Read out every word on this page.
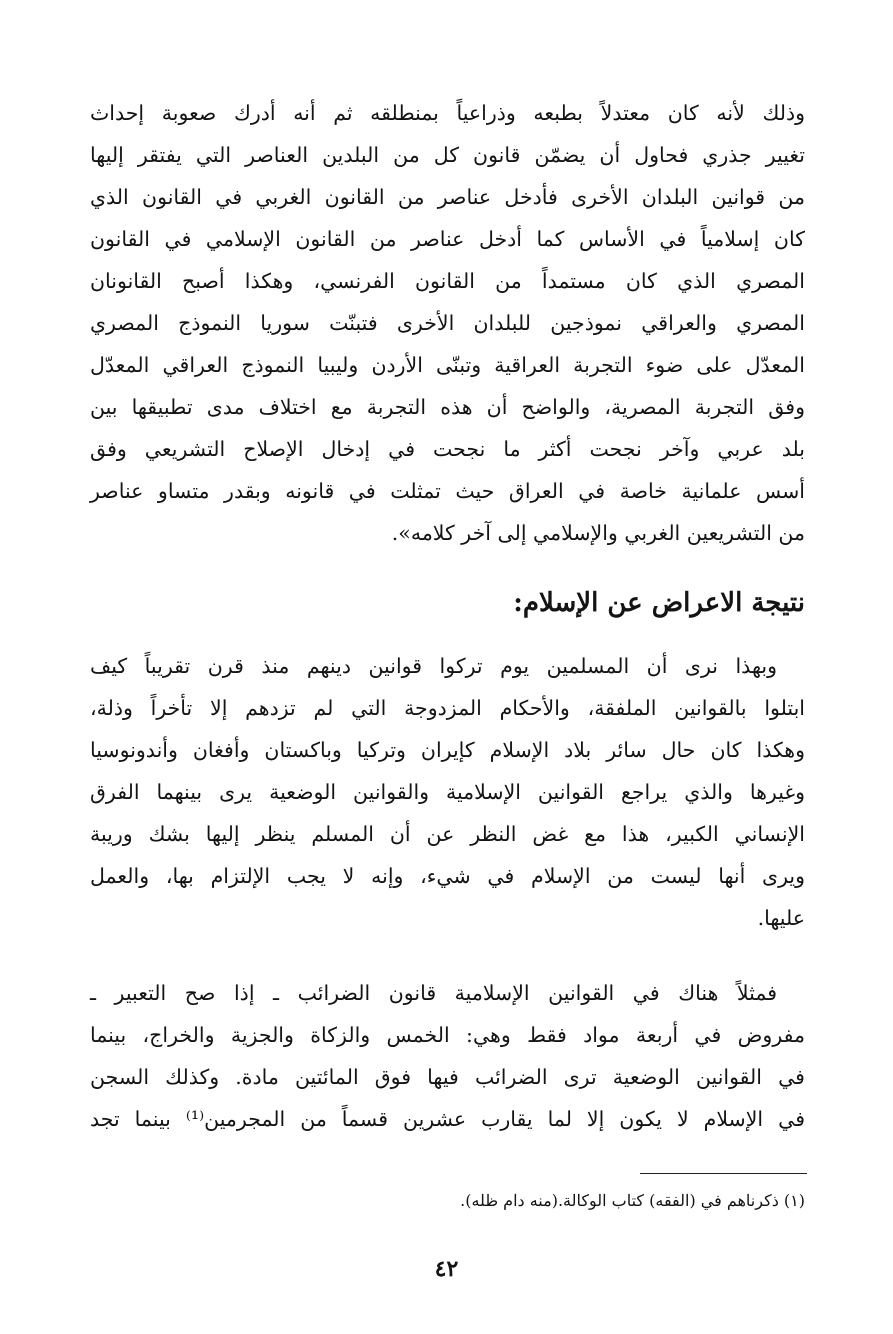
وذلك لأنه كان معتدلاً بطبعه وذراعياً بمنطلقه ثم أنه أدرك صعوبة إحداث
تغيير جذري فحاول أن يضمّن قانون كل من البلدين العناصر التي يفتقر إليها
من قوانين البلدان الأخرى فأدخل عناصر من القانون الغربي في القانون الذي
كان إسلامياً في الأساس كما أدخل عناصر من القانون الإسلامي في القانون
المصري الذي كان مستمداً من القانون الفرنسي، وهكذا أصبح القانونان
المصري والعراقي نموذجين للبلدان الأخرى فتبنّت سوريا النموذج المصري
المعدّل على ضوء التجربة العراقية وتبنّى الأردن وليبيا النموذج العراقي المعدّل
وفق التجربة المصرية، والواضح أن هذه التجربة مع اختلاف مدى تطبيقها بين
بلد عربي وآخر نجحت أكثر ما نجحت في إدخال الإصلاح التشريعي وفق
أسس علمانية خاصة في العراق حيث تمثلت في قانونه وبقدر متساو عناصر
من التشريعين الغربي والإسلامي إلى آخر كلامه».
نتيجة الاعراض عن الإسلام:
وبهذا نرى أن المسلمين يوم تركوا قوانين دينهم منذ قرن تقريباً كيف
ابتلوا بالقوانين الملفقة، والأحكام المزدوجة التي لم تزدهم إلا تأخراً وذلة،
وهكذا كان حال سائر بلاد الإسلام كإيران وتركيا وباكستان وأفغان وأندونوسيا
وغيرها والذي يراجع القوانين الإسلامية والقوانين الوضعية يرى بينهما الفرق
الإنساني الكبير، هذا مع غض النظر عن أن المسلم ينظر إليها بشك وريبة
ويرى أنها ليست من الإسلام في شيء، وإنه لا يجب الإلتزام بها، والعمل
عليها.
فمثلاً هناك في القوانين الإسلامية قانون الضرائب ـ إذا صح التعبير ـ
مفروض في أربعة مواد فقط وهي: الخمس والزكاة والجزية والخراج، بينما
في القوانين الوضعية ترى الضرائب فيها فوق المائتين مادة. وكذلك السجن
في الإسلام لا يكون إلا لما يقارب عشرين قسماً من المجرمين⁽¹⁾ بينما تجد
(١) ذكرناهم في (الفقه) كتاب الوكالة.(منه دام ظله).
٤٢
